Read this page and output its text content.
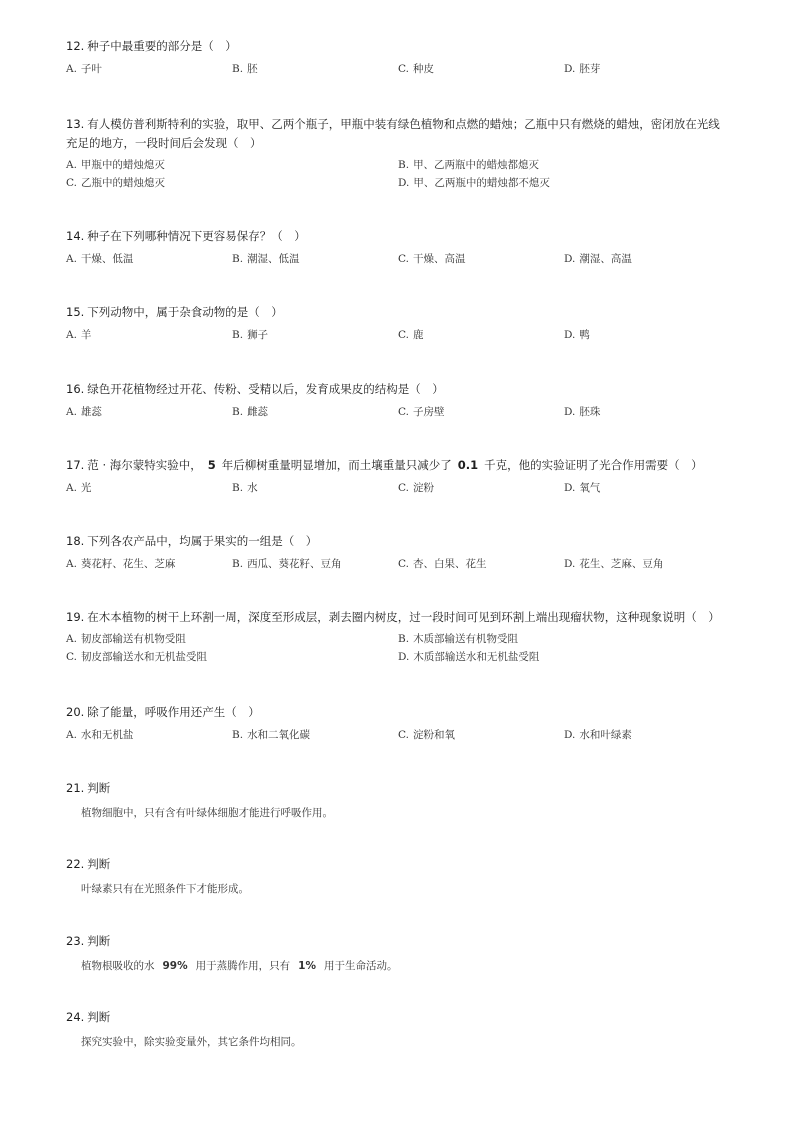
12. 种子中最重要的部分是（　）

A. 子叶	B. 胚	C. 种皮	D. 胚芽

13. 有人模仿普利斯特利的实验，取甲、乙两个瓶子，甲瓶中装有绿色植物和点燃的蜡烛；乙瓶中只有燃烧的蜡烛，密闭放在光线
充足的地方，一段时间后会发现（　）

A. 甲瓶中的蜡烛熄灭	B. 甲、乙两瓶中的蜡烛都熄灭
C. 乙瓶中的蜡烛熄灭	D. 甲、乙两瓶中的蜡烛都不熄灭

14. 种子在下列哪种情况下更容易保存？（　）

A. 干燥、低温	B. 潮湿、低温	C. 干燥、高温	D. 潮湿、高温

15. 下列动物中，属于杂食动物的是（　）

A. 羊	B. 狮子	C. 鹿	D. 鸭

16. 绿色开花植物经过开花、传粉、受精以后，发育成果皮的结构是（　）

A. 雄蕊	B. 雌蕊	C. 子房壁	D. 胚珠

17. 范 · 海尔蒙特实验中， 5 年后柳树重量明显增加，而土壤重量只减少了 0.1 千克，他的实验证明了光合作用需要（　）

A. 光	B. 水	C. 淀粉	D. 氧气

18. 下列各农产品中，均属于果实的一组是（　）

A. 葵花籽、花生、芝麻	B. 西瓜、葵花籽、豆角	C. 杏、白果、花生	D. 花生、芝麻、豆角

19. 在木本植物的树干上环割一周，深度至形成层，剥去圈内树皮，过一段时间可见到环割上端出现瘤状物，这种现象说明（　）

A. 韧皮部输送有机物受阻	B. 木质部输送有机物受阻
C. 韧皮部输送水和无机盐受阻	D. 木质部输送水和无机盐受阻

20. 除了能量，呼吸作用还产生（　）

A. 水和无机盐	B. 水和二氧化碳	C. 淀粉和氧	D. 水和叶绿素

21. 判断

植物细胞中，只有含有叶绿体细胞才能进行呼吸作用。

22. 判断

叶绿素只有在光照条件下才能形成。

23. 判断

植物根吸收的水 99% 用于蒸腾作用，只有 1% 用于生命活动。

24. 判断

探究实验中，除实验变量外，其它条件均相同。
